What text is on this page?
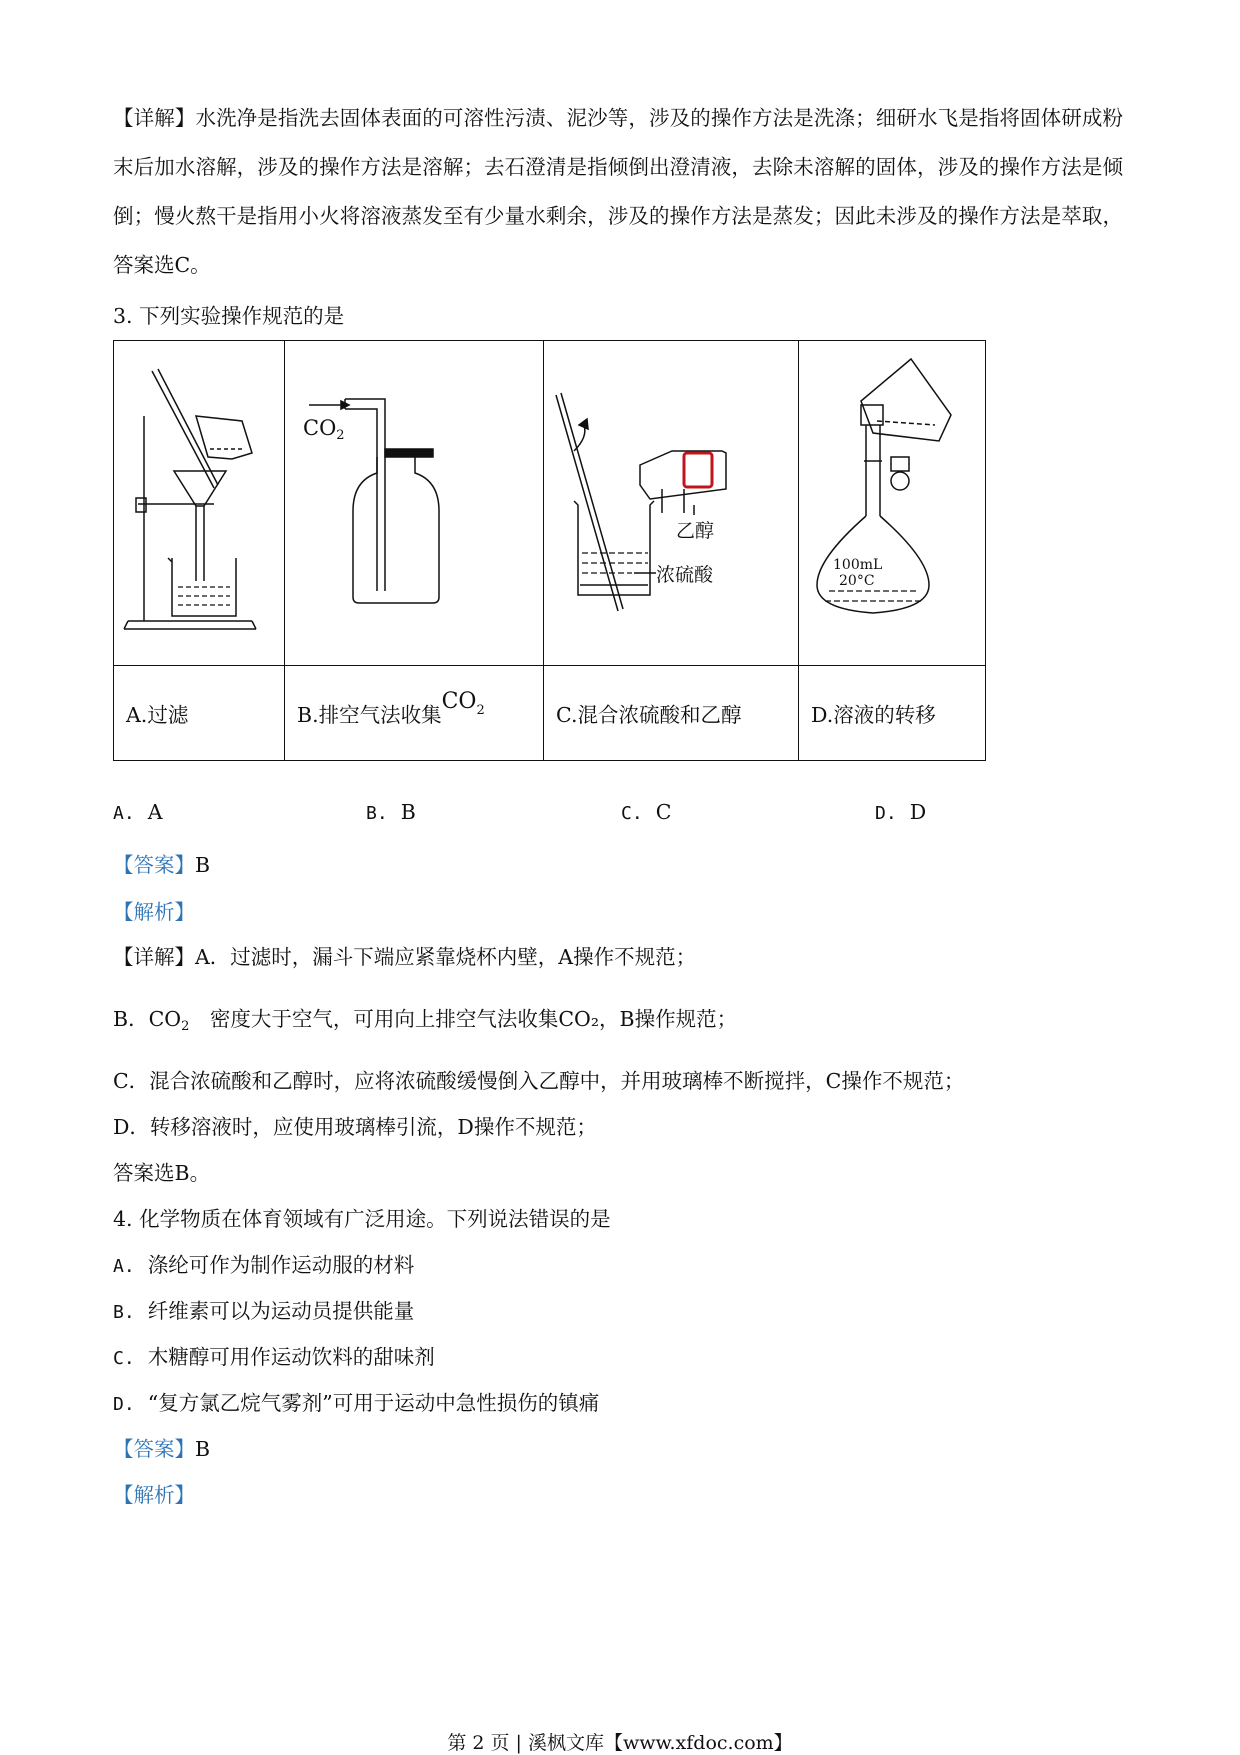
【详解】水洗净是指洗去固体表面的可溶性污渍、泥沙等，涉及的操作方法是洗涤；细研水飞是指将固体研成粉末后加水溶解，涉及的操作方法是溶解；去石澄清是指倾倒出澄清液，去除未溶解的固体，涉及的操作方法是倾倒；慢火熬干是指用小火将溶液蒸发至有少量水剩余，涉及的操作方法是蒸发；因此未涉及的操作方法是萃取，答案选C。

3. 下列实验操作规范的是

CO2	乙醇
浓硫酸	100mL
20°C

A.过滤	B.排空气法收集$CO^2$	C.混合浓硫酸和乙醇	D.溶液的转移
A. A	B. B	C. C	D. D

【答案】B

【解析】

【详解】A．过滤时，漏斗下端应紧靠烧杯内壁，A操作不规范；

B．$CO_2$　密度大于空气，可用向上排空气法收集CO₂，B操作规范；

C．混合浓硫酸和乙醇时，应将浓硫酸缓慢倒入乙醇中，并用玻璃棒不断搅拌，C操作不规范；

D．转移溶液时，应使用玻璃棒引流，D操作不规范；

答案选B。

4. 化学物质在体育领域有广泛用途。下列说法错误的是

A. 涤纶可作为制作运动服的材料

B. 纤维素可以为运动员提供能量

C. 木糖醇可用作运动饮料的甜味剂

D. “复方氯乙烷气雾剂”可用于运动中急性损伤的镇痛

【答案】B

【解析】

第 2 页 | 溪枫文库【www.xfdoc.com】
